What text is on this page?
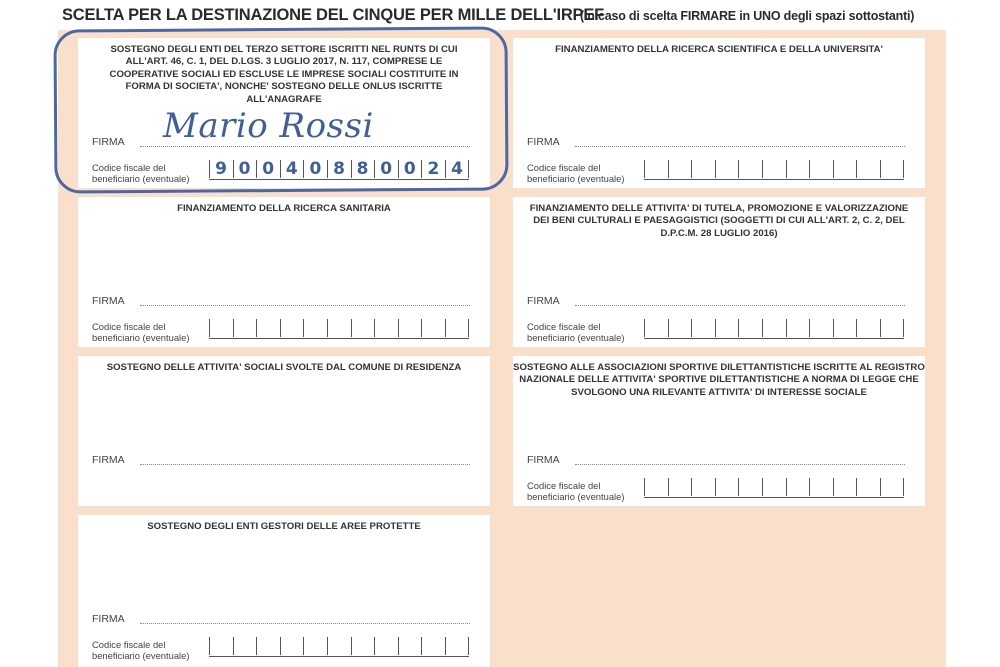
SCELTA PER LA DESTINAZIONE DEL CINQUE PER MILLE DELL'IRPEF
(in caso di scelta FIRMARE in UNO degli spazi sottostanti)
SOSTEGNO DEGLI ENTI DEL TERZO SETTORE ISCRITTI NEL RUNTS DI CUI ALL'ART. 46, C. 1, DEL D.LGS. 3 LUGLIO 2017, N. 117, COMPRESE LE COOPERATIVE SOCIALI ED ESCLUSE LE IMPRESE SOCIALI COSTITUITE IN FORMA DI SOCIETA', NONCHE' SOSTEGNO DELLE ONLUS ISCRITTE ALL'ANAGRAFE
FIRMA Mario Rossi
Codice fiscale del
beneficiario (eventuale) 9 0 0 4 0 8 8 0 0 2 4
FINANZIAMENTO DELLA RICERCA SCIENTIFICA E DELLA UNIVERSITA'
FIRMA
Codice fiscale del
beneficiario (eventuale)
FINANZIAMENTO DELLA RICERCA SANITARIA
FIRMA
Codice fiscale del
beneficiario (eventuale)
FINANZIAMENTO DELLE ATTIVITA' DI TUTELA, PROMOZIONE E VALORIZZAZIONE DEI BENI CULTURALI E PAESAGGISTICI (SOGGETTI DI CUI ALL'ART. 2, C. 2, DEL D.P.C.M. 28 LUGLIO 2016)
FIRMA
Codice fiscale del
beneficiario (eventuale)
SOSTEGNO DELLE ATTIVITA' SOCIALI SVOLTE DAL COMUNE DI RESIDENZA
FIRMA
SOSTEGNO ALLE ASSOCIAZIONI SPORTIVE DILETTANTISTICHE ISCRITTE AL REGISTRO NAZIONALE DELLE ATTIVITA' SPORTIVE DILETTANTISTICHE A NORMA DI LEGGE CHE SVOLGONO UNA RILEVANTE ATTIVITA' DI INTERESSE SOCIALE
FIRMA
Codice fiscale del
beneficiario (eventuale)
SOSTEGNO DEGLI ENTI GESTORI DELLE AREE PROTETTE
FIRMA
Codice fiscale del
beneficiario (eventuale)
